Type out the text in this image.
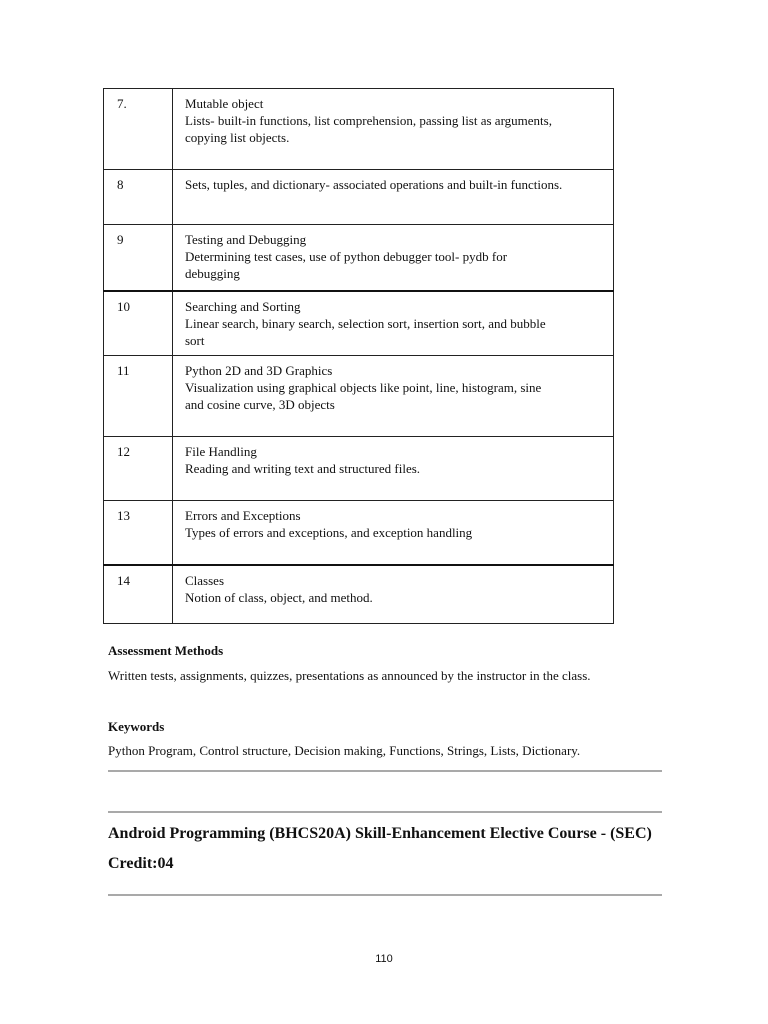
7.	Mutable object
Lists- built-in functions, list comprehension, passing list as arguments,
copying list objects.

8	Sets, tuples, and dictionary- associated operations and built-in functions.

9	Testing and Debugging
Determining test cases, use of python debugger tool- pydb for
debugging

10	Searching and Sorting
Linear search, binary search, selection sort, insertion sort, and bubble
sort

11	Python 2D and 3D Graphics
Visualization using graphical objects like point, line, histogram, sine
and cosine curve, 3D objects

12	File Handling
Reading and writing text and structured files.

13	Errors and Exceptions
Types of errors and exceptions, and exception handling

14	Classes
Notion of class, object, and method.
Assessment Methods
Written tests, assignments, quizzes, presentations as announced by the instructor in the class.
Keywords
Python Program, Control structure, Decision making, Functions, Strings, Lists, Dictionary.
Android Programming (BHCS20A) Skill-Enhancement Elective Course - (SEC)
Credit:04
110
